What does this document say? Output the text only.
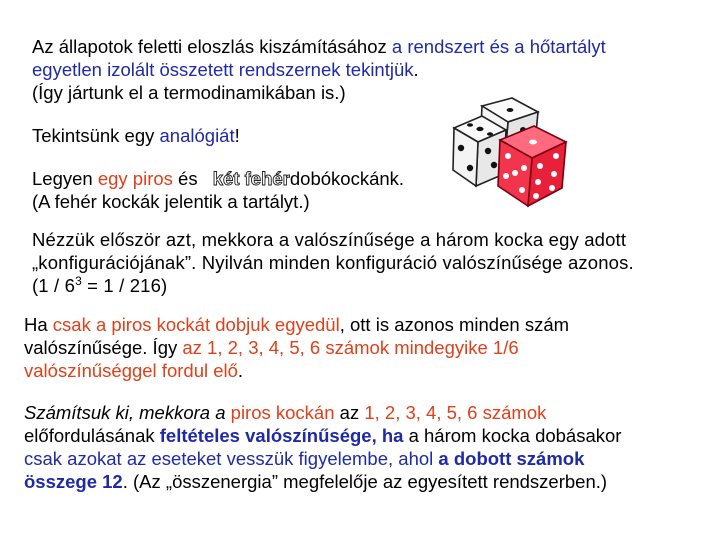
Az állapotok feletti eloszlás kiszámításához a rendszert és a hőtartályt
egyetlen izolált összetett rendszernek tekintjük.
(Így jártunk el a termodinamikában is.)
Tekintsünk egy analógiát!
Legyen egy piros és két fehérdobókockánk.
(A fehér kockák jelentik a tartályt.)
Nézzük először azt, mekkora a valószínűsége a három kocka egy adott
„konfigurációjának”. Nyilván minden konfiguráció valószínűsége azonos.
$(1 / 6^3 = 1 / 216)$
Ha csak a piros kockát dobjuk egyedül, ott is azonos minden szám
valószínűsége. Így az 1, 2, 3, 4, 5, 6 számok mindegyike 1/6
valószínűséggel fordul elő.
Számítsuk ki, mekkora a piros kockán az 1, 2, 3, 4, 5, 6 számok
előfordulásának feltételes valószínűsége, ha a három kocka dobásakor
csak azokat az eseteket vesszük figyelembe, ahol a dobott számok
összege 12. (Az „összenergia” megfelelője az egyesített rendszerben.)
